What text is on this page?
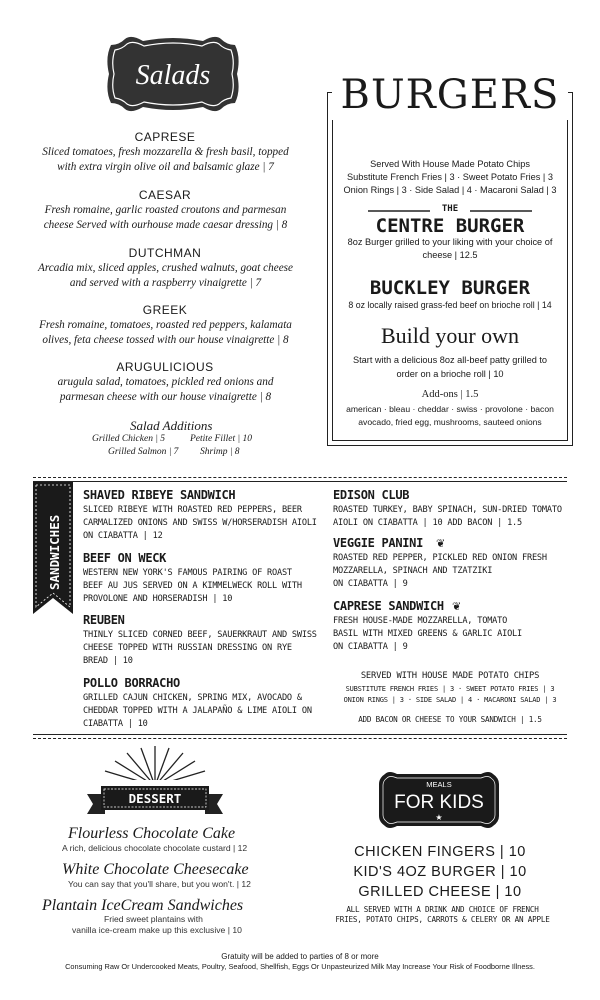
Salads
CAPRESE
Sliced tomatoes, fresh mozzarella & fresh basil, topped
with extra virgin olive oil and balsamic glaze | 7
CAESAR
Fresh romaine, garlic roasted croutons and parmesan
cheese Served with ourhouse made caesar dressing | 8
DUTCHMAN
Arcadia mix, sliced apples, crushed walnuts, goat cheese
and served with a raspberry vinaigrette | 7
GREEK
Fresh romaine, tomatoes, roasted red peppers, kalamata
olives, feta cheese tossed with our house vinaigrette | 8
ARUGULICIOUS
arugula salad, tomatoes, pickled red onions and
parmesan cheese with our house vinaigrette | 8
Salad Additions
Grilled Chicken | 5	Petite Fillet | 10
Grilled Salmon | 7 Shrimp | 8
BURGERS
Served With House Made Potato Chips
Substitute French Fries | 3 · Sweet Potato Fries | 3
Onion Rings | 3 · Side Salad | 4 · Macaroni Salad | 3
THE
CENTRE BURGER
8oz Burger grilled to your liking with your choice of
cheese | 12.5
BUCKLEY BURGER
8 oz locally raised grass-fed beef on brioche roll | 14
Build your own
Start with a delicious 8oz all-beef patty grilled to
order on a brioche roll | 10
Add-ons | 1.5
american · bleau · cheddar · swiss · provolone · bacon
avocado, fried egg, mushrooms, sauteed onions
SANDWICHES
SHAVED RIBEYE SANDWICH
SLICED RIBEYE WITH ROASTED RED PEPPERS, BEER
CARMALIZED ONIONS AND SWISS W/HORSERADISH AIOLI
ON CIABATTA | 12
BEEF ON WECK
WESTERN NEW YORK'S FAMOUS PAIRING OF ROAST
BEEF AU JUS SERVED ON A KIMMELWECK ROLL WITH
PROVOLONE AND HORSERADISH | 10
REUBEN
THINLY SLICED CORNED BEEF, SAUERKRAUT AND SWISS
CHEESE TOPPED WITH RUSSIAN DRESSING ON RYE
BREAD | 10
POLLO BORRACHO
GRILLED CAJUN CHICKEN, SPRING MIX, AVOCADO &
CHEDDAR TOPPED WITH A JALAPAÑO & LIME AIOLI ON
CIABATTA | 10
EDISON CLUB
ROASTED TURKEY, BABY SPINACH, SUN-DRIED TOMATO
AIOLI ON CIABATTA | 10 ADD BACON | 1.5
VEGGIE PANINI ❦
ROASTED RED PEPPER, PICKLED RED ONION FRESH
MOZZARELLA, SPINACH AND TZATZIKI
ON CIABATTA | 9
CAPRESE SANDWICH ❦
FRESH HOUSE-MADE MOZZARELLA, TOMATO
BASIL WITH MIXED GREENS & GARLIC AIOLI
ON CIABATTA | 9
SERVED WITH HOUSE MADE POTATO CHIPS
SUBSTITUTE FRENCH FRIES | 3 · SWEET POTATO FRIES | 3
ONION RINGS | 3 · SIDE SALAD | 4 · MACARONI SALAD | 3
ADD BACON OR CHEESE TO YOUR SANDWICH | 1.5
DESSERT
Flourless Chocolate Cake
A rich, delicious chocolate chocolate custard | 12
White Chocolate Cheesecake
You can say that you'll share, but you won't. | 12
Plantain IceCream Sandwiches
Fried sweet plantains with
vanilla ice-cream make up this exclusive | 10
MEALS
FOR KIDS
★
CHICKEN FINGERS | 10
KID'S 4OZ BURGER | 10
GRILLED CHEESE | 10
ALL SERVED WITH A DRINK AND CHOICE OF FRENCH
FRIES, POTATO CHIPS, CARROTS & CELERY OR AN APPLE
Gratuity will be added to parties of 8 or more
Consuming Raw Or Undercooked Meats, Poultry, Seafood, Shellfish, Eggs Or Unpasteurized Milk May Increase Your Risk of Foodborne Illness.
